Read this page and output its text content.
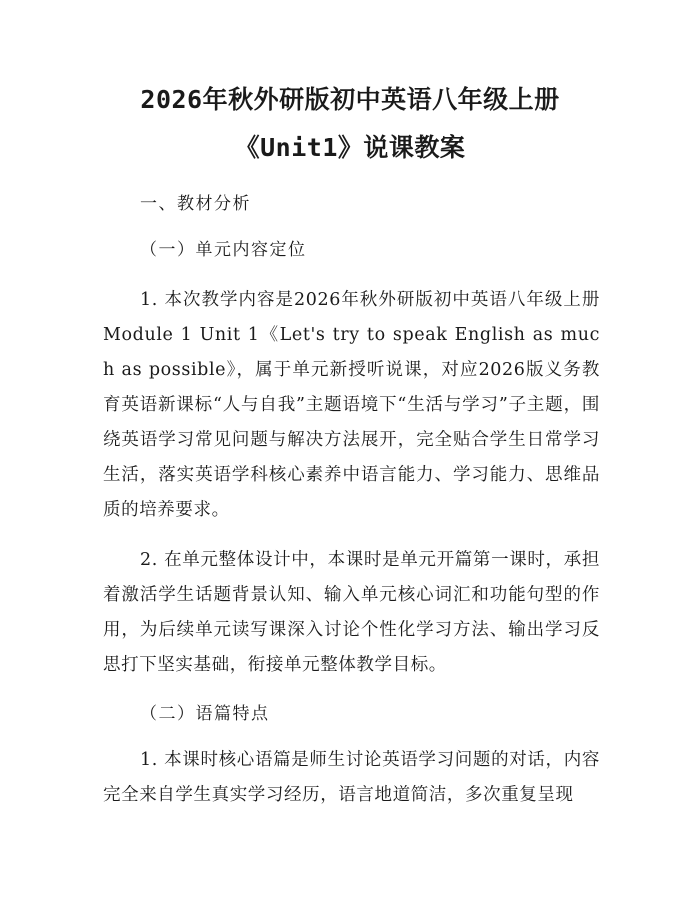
2026年秋外研版初中英语八年级上册
《Unit1》说课教案
一、教材分析
（一）单元内容定位

1. 本次教学内容是2026年秋外研版初中英语八年级上册 Module 1 Unit 1《Let's try to speak English as much as possible》，属于单元新授听说课，对应2026版义务教育英语新课标“人与自我”主题语境下“生活与学习”子主题，围绕英语学习常见问题与解决方法展开，完全贴合学生日常学习生活，落实英语学科核心素养中语言能力、学习能力、思维品质的培养要求。

2. 在单元整体设计中，本课时是单元开篇第一课时，承担着激活学生话题背景认知、输入单元核心词汇和功能句型的作用，为后续单元读写课深入讨论个性化学习方法、输出学习反思打下坚实基础，衔接单元整体教学目标。

（二）语篇特点

1. 本课时核心语篇是师生讨论英语学习问题的对话，内容完全来自学生真实学习经历，语言地道简洁，多次重复呈现
